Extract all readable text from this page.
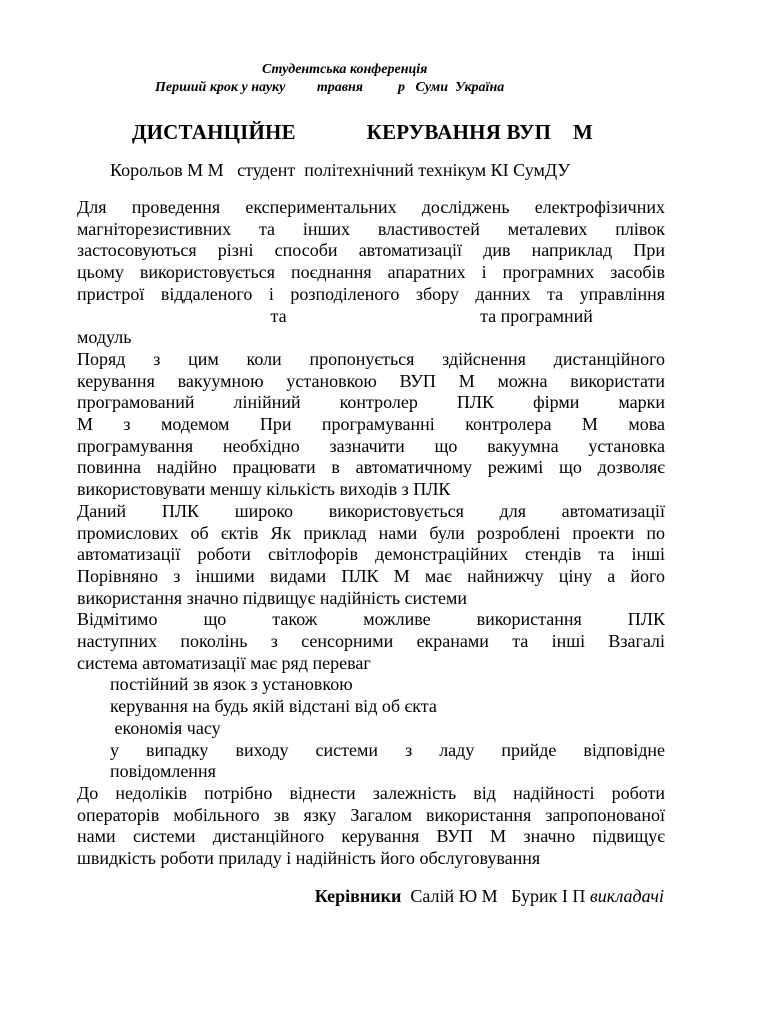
Студентська конференція
Перший крок у науку         травня          р   Суми  Україна
ДИСТАНЦІЙНЕ             КЕРУВАННЯ ВУП    М
Корольов М М   студент  політехнічний технікум КІ СумДУ
Для проведення експериментальних досліджень електрофізичних
магніторезистивних та інших властивостей металевих плівок
застосовуються різні способи автоматизації див наприклад При
цьому використовується поєднання апаратних і програмних засобів
пристрої віддаленого і розподіленого збору данних та управління
та                                           та програмний
модуль
Поряд з цим коли пропонується здійснення дистанційного
керування вакуумною установкою ВУП М можна використати
програмований лінійний контролер ПЛК фірми марки
М з модемом При програмуванні контролера М мова
програмування необхідно зазначити що вакуумна установка
повинна надійно працювати в автоматичному режимі що дозволяє
використовувати меншу кількість виходів з ПЛК
Даний ПЛК широко використовується для автоматизації
промислових об єктів Як приклад нами були розроблені проекти по
автоматизації роботи світлофорів демонстраційних стендів та інші
Порівняно з іншими видами ПЛК М має найнижчу ціну а його
використання значно підвищує надійність системи
Відмітимо що також можливе використання ПЛК
наступних поколінь з сенсорними екранами та інші Взагалі
система автоматизації має ряд переваг
постійний зв язок з установкою
керування на будь якій відстані від об єкта
економія часу
у випадку виходу системи з ладу прийде відповідне
повідомлення
До недоліків потрібно віднести залежність від надійності роботи
операторів мобільного зв язку Загалом використання запропонованої
нами системи дистанційного керування ВУП М значно підвищує
швидкість роботи приладу і надійність його обслуговування
Керівники  Салій Ю М   Бурик І П викладачі
